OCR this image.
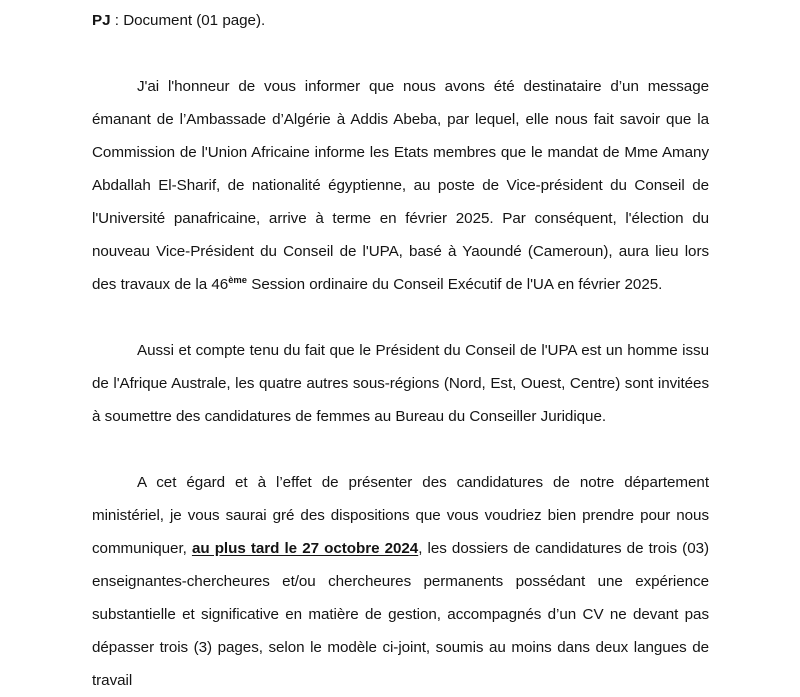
PJ : Document (01 page).

J'ai l'honneur de vous informer que nous avons été destinataire d’un message émanant de l’Ambassade d’Algérie à Addis Abeba, par lequel, elle nous fait savoir que la Commission de l'Union Africaine informe les Etats membres que le mandat de Mme Amany Abdallah El-Sharif, de nationalité égyptienne, au poste de Vice-président du Conseil de l'Université panafricaine, arrive à terme en février 2025. Par conséquent, l'élection du nouveau Vice-Président du Conseil de l'UPA, basé à Yaoundé (Cameroun), aura lieu lors des travaux de la 46ème Session ordinaire du Conseil Exécutif de l'UA en février 2025.

Aussi et compte tenu du fait que le Président du Conseil de l'UPA est un homme issu de l'Afrique Australe, les quatre autres sous-régions (Nord, Est, Ouest, Centre) sont invitées à soumettre des candidatures de femmes au Bureau du Conseiller Juridique.

A cet égard et à l’effet de présenter des candidatures de notre département ministériel, je vous saurai gré des dispositions que vous voudriez bien prendre pour nous communiquer, au plus tard le 27 octobre 2024, les dossiers de candidatures de trois (03) enseignantes-chercheures et/ou chercheures permanents possédant une expérience substantielle et significative en matière de gestion, accompagnés d’un CV ne devant pas dépasser trois (3) pages, selon le modèle ci-joint, soumis au moins dans deux langues de travail
